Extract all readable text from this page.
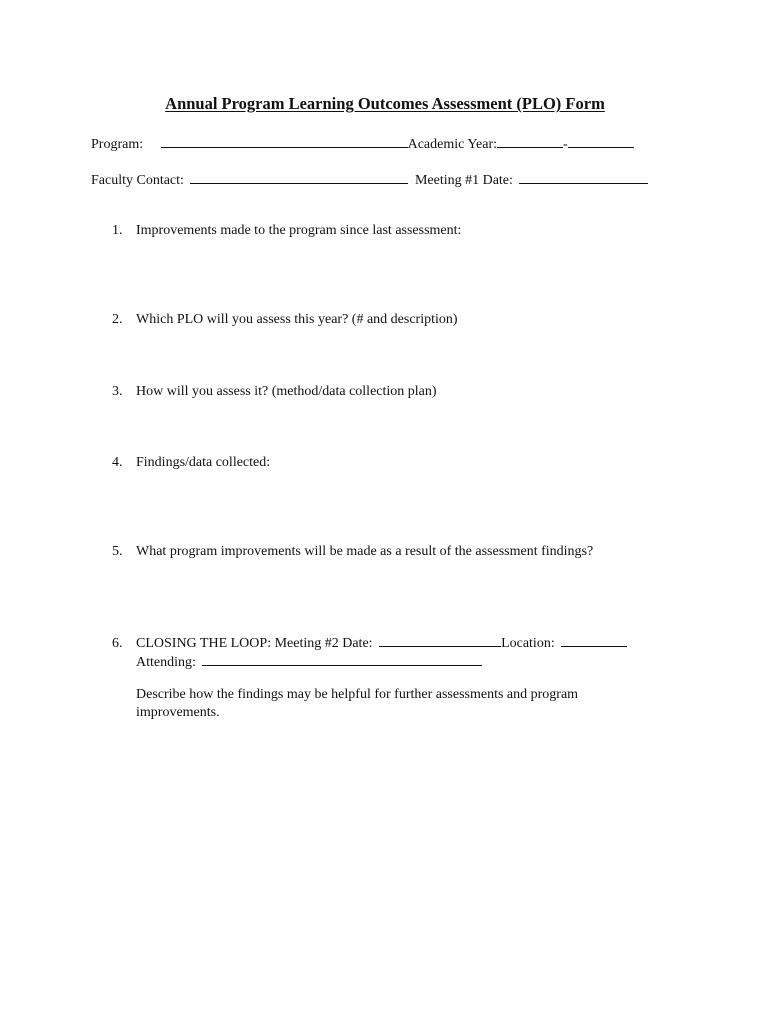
Annual Program Learning Outcomes Assessment (PLO) Form
Program:	Academic Year:	-
Faculty Contact:	Meeting #1 Date:
1. Improvements made to the program since last assessment:
2. Which PLO will you assess this year? (# and description)
3. How will you assess it? (method/data collection plan)
4. Findings/data collected:
5. What program improvements will be made as a result of the assessment findings?
6. CLOSING THE LOOP: Meeting #2 Date:	Location:
Attending:
Describe how the findings may be helpful for further assessments and program improvements.
